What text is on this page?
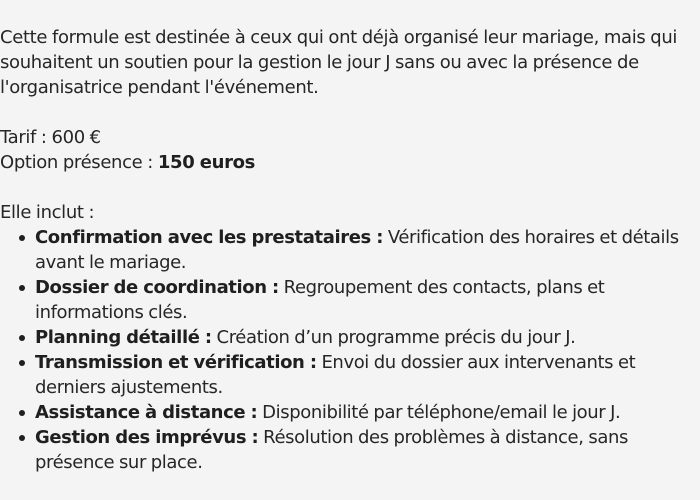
Cette formule est destinée à ceux qui ont déjà organisé leur mariage, mais qui souhaitent un soutien pour la gestion le jour J sans ou avec la présence de l'organisatrice pendant l'événement.

Tarif : 600 €

Option présence : 150 euros

Elle inclut :

Confirmation avec les prestataires : Vérification des horaires et détails avant le mariage.
Dossier de coordination : Regroupement des contacts, plans et informations clés.
Planning détaillé : Création d’un programme précis du jour J.
Transmission et vérification : Envoi du dossier aux intervenants et derniers ajustements.
Assistance à distance : Disponibilité par téléphone/email le jour J.
Gestion des imprévus : Résolution des problèmes à distance, sans présence sur place.
